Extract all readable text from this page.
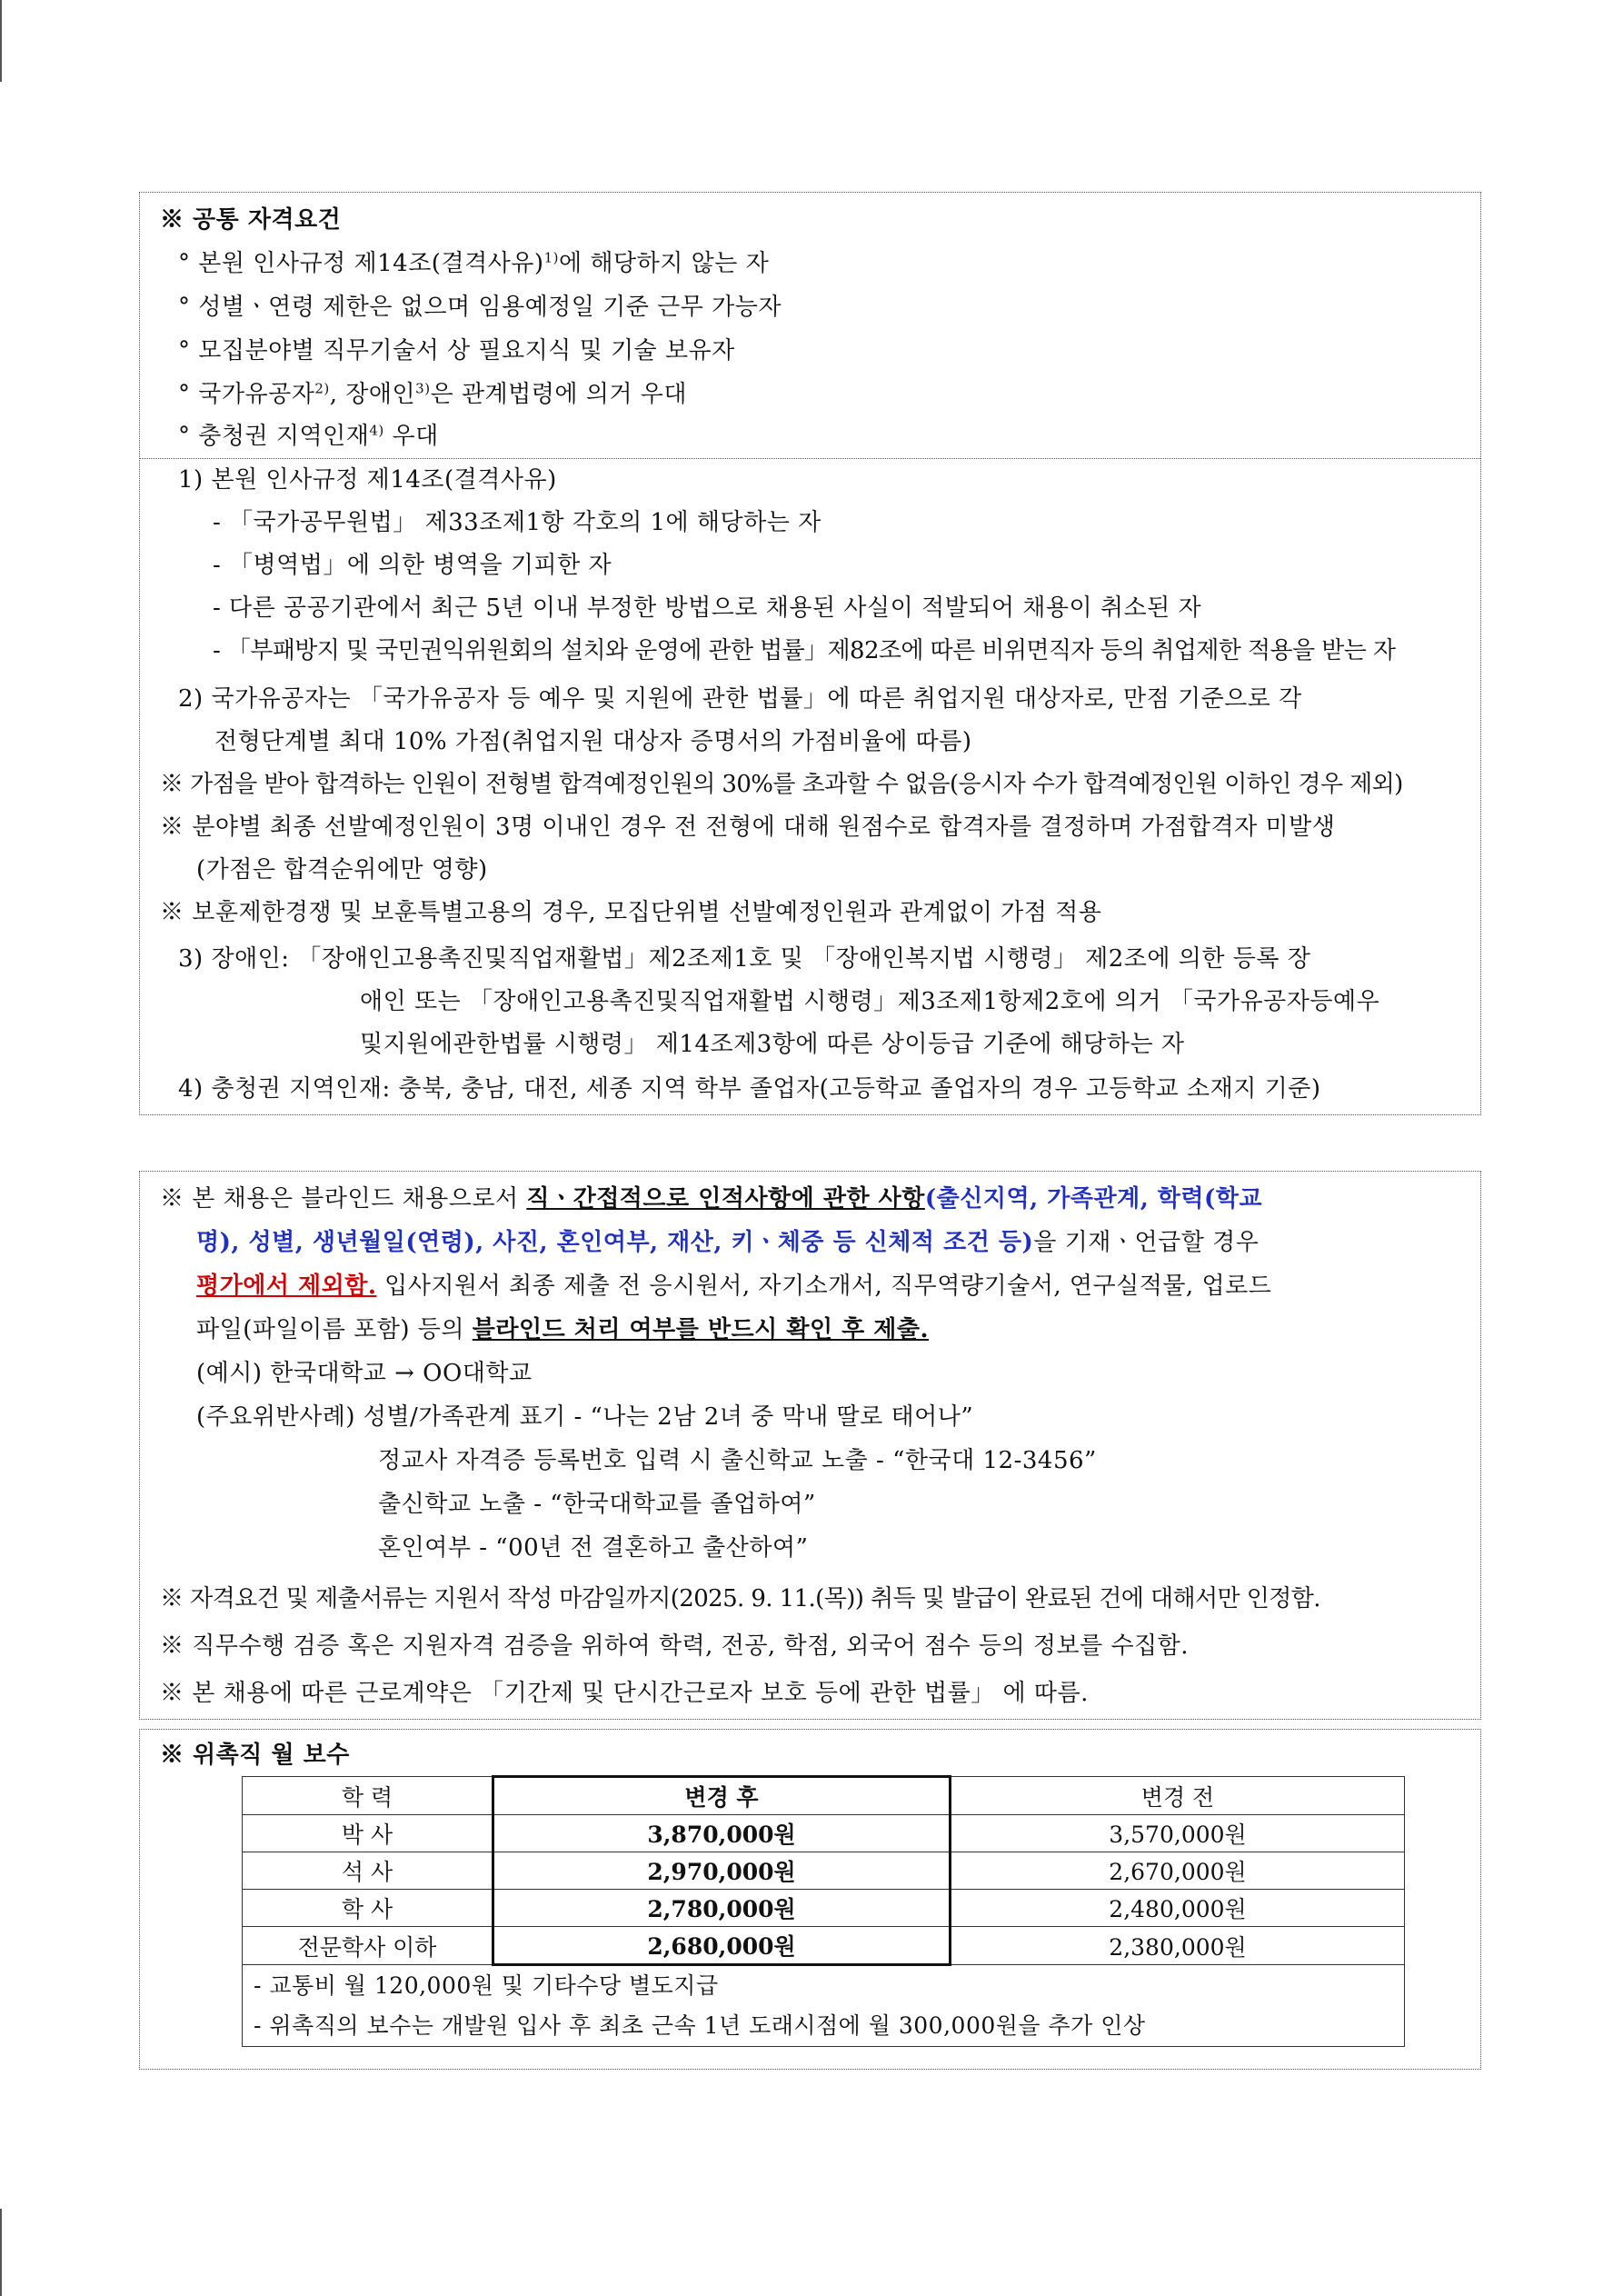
※ 공통 자격요건
° 본원 인사규정 제14조(결격사유)$^{1)}$에 해당하지 않는 자
° 성별ㆍ연령 제한은 없으며 임용예정일 기준 근무 가능자
° 모집분야별 직무기술서 상 필요지식 및 기술 보유자
° 국가유공자$^{2)}$, 장애인$^{3)}$은 관계법령에 의거 우대
° 충청권 지역인재$^{4)}$ 우대
1) 본원 인사규정 제14조(결격사유)
- 「국가공무원법」 제33조제1항 각호의 1에 해당하는 자
- 「병역법」에 의한 병역을 기피한 자
- 다른 공공기관에서 최근 5년 이내 부정한 방법으로 채용된 사실이 적발되어 채용이 취소된 자
- 「부패방지 및 국민권익위원회의 설치와 운영에 관한 법률」제82조에 따른 비위면직자 등의 취업제한 적용을 받는 자
2) 국가유공자는 「국가유공자 등 예우 및 지원에 관한 법률」에 따른 취업지원 대상자로, 만점 기준으로 각
전형단계별 최대 10% 가점(취업지원 대상자 증명서의 가점비율에 따름)
※ 가점을 받아 합격하는 인원이 전형별 합격예정인원의 30%를 초과할 수 없음(응시자 수가 합격예정인원 이하인 경우 제외)
※ 분야별 최종 선발예정인원이 3명 이내인 경우 전 전형에 대해 원점수로 합격자를 결정하며 가점합격자 미발생
(가점은 합격순위에만 영향)
※ 보훈제한경쟁 및 보훈특별고용의 경우, 모집단위별 선발예정인원과 관계없이 가점 적용
3) 장애인: 「장애인고용촉진및직업재활법」제2조제1호 및 「장애인복지법 시행령」 제2조에 의한 등록 장
애인 또는 「장애인고용촉진및직업재활법 시행령」제3조제1항제2호에 의거 「국가유공자등예우
및지원에관한법률 시행령」 제14조제3항에 따른 상이등급 기준에 해당하는 자
4) 충청권 지역인재: 충북, 충남, 대전, 세종 지역 학부 졸업자(고등학교 졸업자의 경우 고등학교 소재지 기준)
※ 본 채용은 블라인드 채용으로서 직ㆍ간접적으로 인적사항에 관한 사항(출신지역, 가족관계, 학력(학교
명), 성별, 생년월일(연령), 사진, 혼인여부, 재산, 키ㆍ체중 등 신체적 조건 등)을 기재ㆍ언급할 경우
평가에서 제외함. 입사지원서 최종 제출 전 응시원서, 자기소개서, 직무역량기술서, 연구실적물, 업로드
파일(파일이름 포함) 등의 블라인드 처리 여부를 반드시 확인 후 제출.
(예시) 한국대학교 → OO대학교
(주요위반사례) 성별/가족관계 표기 - “나는 2남 2녀 중 막내 딸로 태어나”
정교사 자격증 등록번호 입력 시 출신학교 노출 - “한국대 12-3456”
출신학교 노출 - “한국대학교를 졸업하여”
혼인여부 - “00년 전 결혼하고 출산하여”
※ 자격요건 및 제출서류는 지원서 작성 마감일까지(2025. 9. 11.(목)) 취득 및 발급이 완료된 건에 대해서만 인정함.
※ 직무수행 검증 혹은 지원자격 검증을 위하여 학력, 전공, 학점, 외국어 점수 등의 정보를 수집함.
※ 본 채용에 따른 근로계약은 「기간제 및 단시간근로자 보호 등에 관한 법률」 에 따름.
※ 위촉직 월 보수
학 력	변경 후	변경 전
박 사	3,870,000원	3,570,000원
석 사	2,970,000원	2,670,000원
학 사	2,780,000원	2,480,000원
전문학사 이하	2,680,000원	2,380,000원

- 교통비 월 120,000원 및 기타수당 별도지급
- 위촉직의 보수는 개발원 입사 후 최초 근속 1년 도래시점에 월 300,000원을 추가 인상		
